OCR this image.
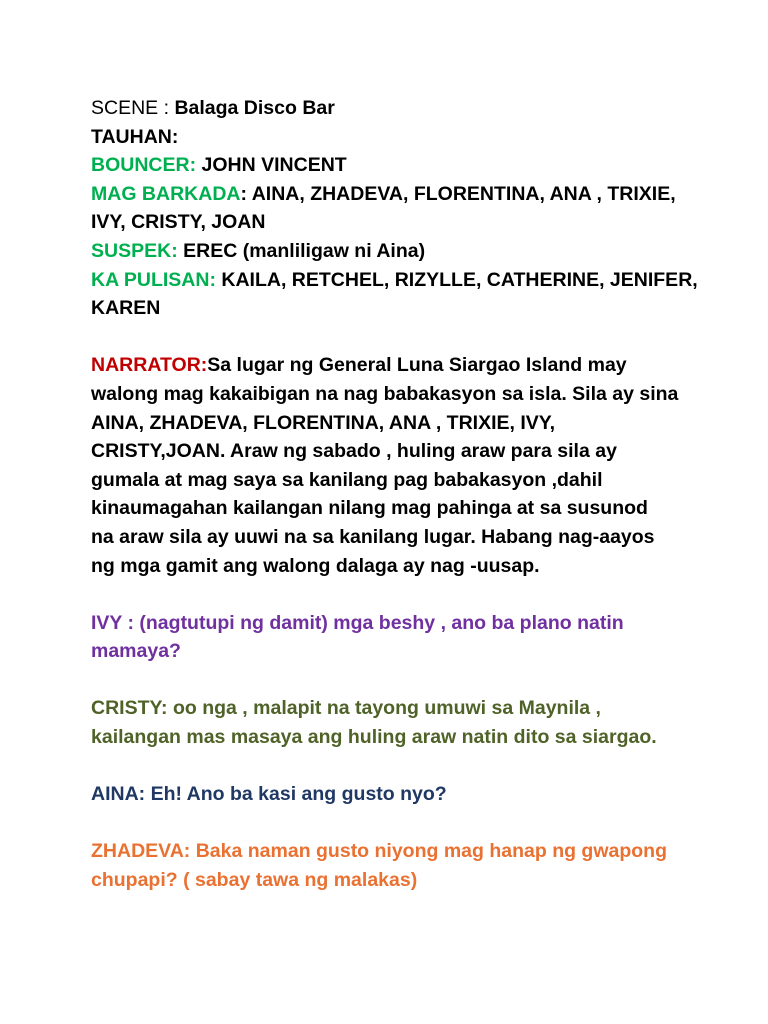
SCENE : Balaga Disco Bar
TAUHAN:
BOUNCER: JOHN VINCENT
MAG BARKADA: AINA, ZHADEVA, FLORENTINA, ANA , TRIXIE,
IVY, CRISTY, JOAN
SUSPEK: EREC (manliligaw ni Aina)
KA PULISAN: KAILA, RETCHEL, RIZYLLE, CATHERINE, JENIFER,
KAREN
NARRATOR:Sa lugar ng General Luna Siargao Island may
walong mag kakaibigan na nag babakasyon sa isla. Sila ay sina
AINA, ZHADEVA, FLORENTINA, ANA , TRIXIE, IVY,
CRISTY,JOAN. Araw ng sabado , huling araw para sila ay
gumala at mag saya sa kanilang pag babakasyon ,dahil
kinaumagahan kailangan nilang mag pahinga at sa susunod
na araw sila ay uuwi na sa kanilang lugar. Habang nag-aayos
ng mga gamit ang walong dalaga ay nag -uusap.
IVY : (nagtutupi ng damit) mga beshy , ano ba plano natin
mamaya?
CRISTY: oo nga , malapit na tayong umuwi sa Maynila ,
kailangan mas masaya ang huling araw natin dito sa siargao.
AINA: Eh! Ano ba kasi ang gusto nyo?
ZHADEVA: Baka naman gusto niyong mag hanap ng gwapong
chupapi? ( sabay tawa ng malakas)
